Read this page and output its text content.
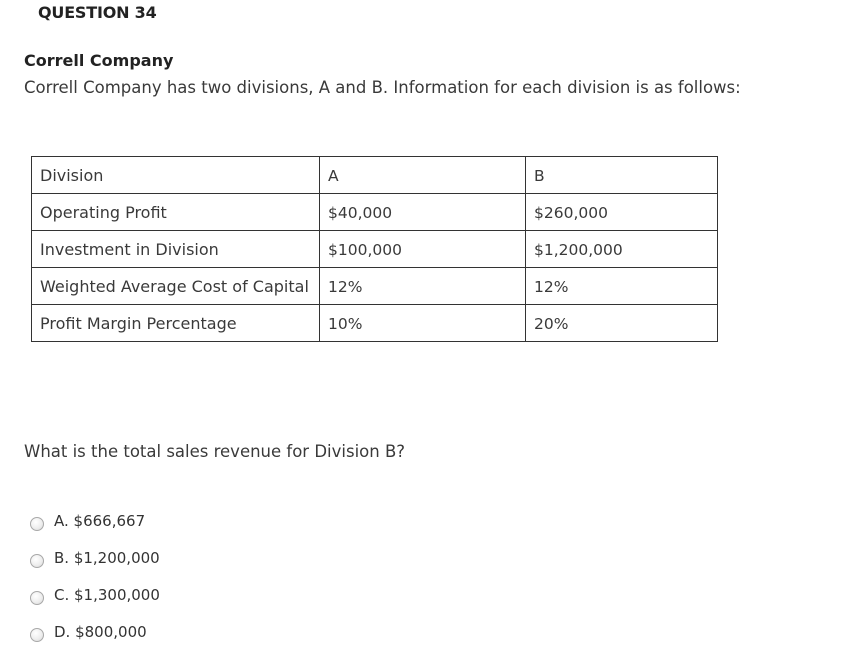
QUESTION 34
Correll Company
Correll Company has two divisions, A and B. Information for each division is as follows:
Division	A	B
Operating Profit	$40,000	$260,000
Investment in Division	$100,000	$1,200,000
Weighted Average Cost of Capital	12%	12%
Profit Margin Percentage	10%	20%
What is the total sales revenue for Division B?
A. $666,667
B. $1,200,000
C. $1,300,000
D. $800,000
